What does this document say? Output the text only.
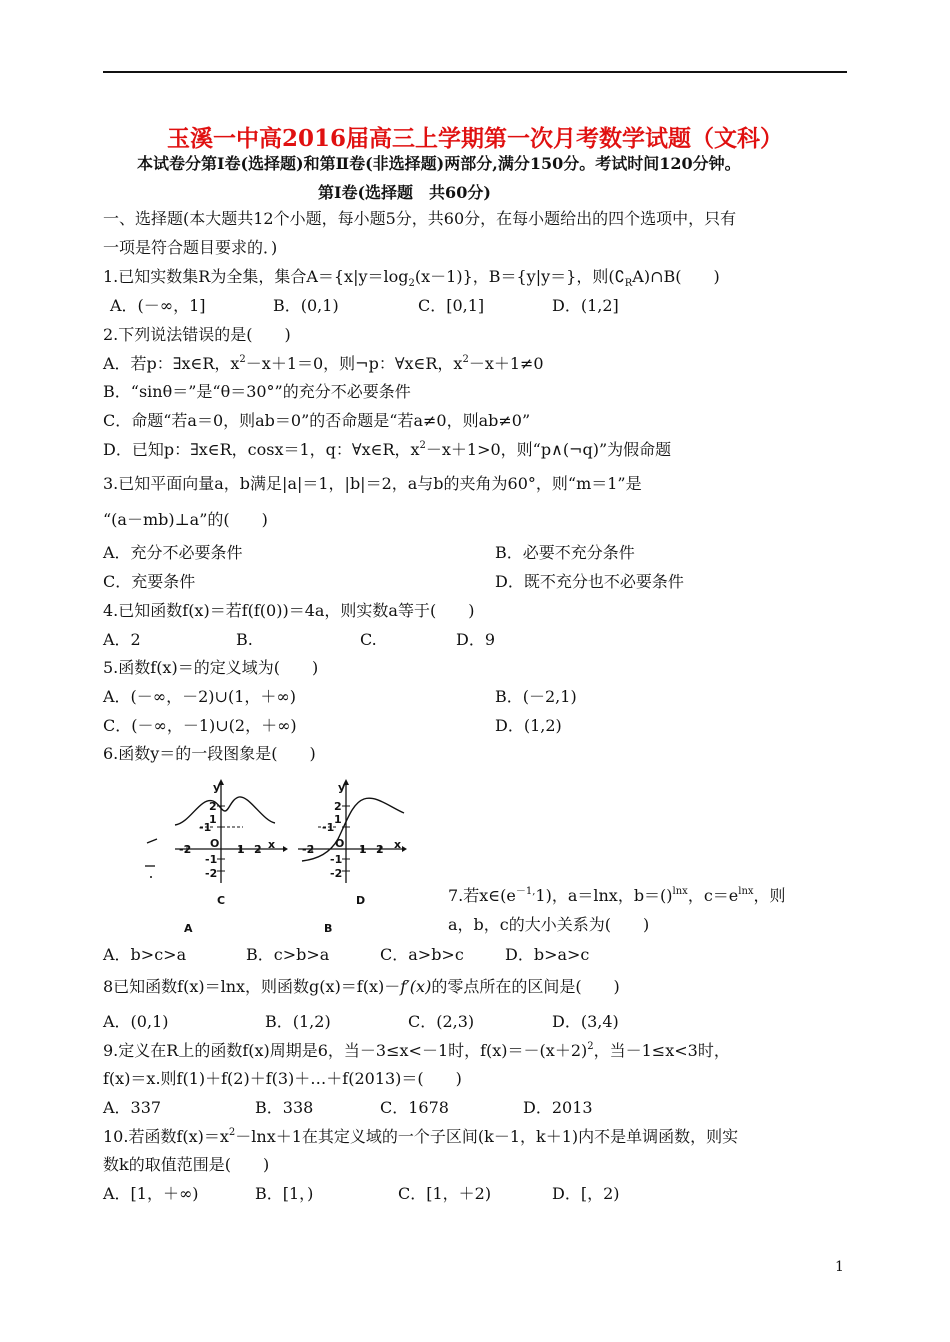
玉溪一中高2016届高三上学期第一次月考数学试题（文科）
本试卷分第Ⅰ卷(选择题)和第Ⅱ卷(非选择题)两部分,满分150分。考试时间120分钟。
第Ⅰ卷(选择题　共60分)
一、选择题(本大题共12个小题，每小题5分，共60分，在每小题给出的四个选项中，只有
一项是符合题目要求的．)
1.已知实数集R为全集，集合$A=\{x|y=\log_2(x-1)\}$，B＝{y|y＝}，则$(∁_RA)\cap B$(　　)
A．(－∞，1]	B．(0,1)	C．[0,1]	D．(1,2]
2.下列说法错误的是(　　)
A．若p：∃x∈R，$x^2-x+1=0$，则¬p：∀x∈R，$x^2-x+1\ne 0$
B．“sinθ＝”是“θ＝30°”的充分不必要条件
C．命题“若a＝0，则ab＝0”的否命题是“若a≠0，则ab≠0”
D．已知p：∃x∈R，cosx＝1，q：∀x∈R，$x^2-x+1>0$，则“p∧(¬q)”为假命题
3.已知平面向量a，b满足|a|＝1，|b|＝2，a与b的夹角为60°，则“m＝1”是
“(a－mb)⊥a”的(　　)
A．充分不必要条件	B．必要不充分条件
C．充要条件	D．既不充分也不必要条件
4.已知函数f(x)＝若f(f(0))＝4a，则实数a等于(　　)
A．2	B.	C.	D．9
5.函数f(x)＝的定义域为(　　)
A．(－∞，－2)∪(1，＋∞)	B．(－2,1)
C．(－∞，－1)∪(2，＋∞)	D．(1,2)
6.函数y＝的一段图象是(　　)
y
2
1
-1
O
-2	1 2 x
-1
-2
C
A
y
2
1
-1
O
-2	1 2 x
-1
-2
D
B
7.若$x\in(e^{-1,}1)$，a＝lnx，b＝()$^{lnx}$，$c=e^{lnx}$，则
a，b，c的大小关系为(　　)
A．b>c>a	B．c>b>a	C．a>b>c	D．b>a>c
8已知函数f(x)＝lnx，则函数g(x)＝f(x)－f′(x)的零点所在的区间是(　　)
A．(0,1)	B．(1,2)	C．(2,3)	D．(3,4)
9.定义在R上的函数f(x)周期是6，当－3≤x<－1时，$f(x)=-(x+2)^2$，当－1≤x<3时，
f(x)＝x.则f(1)＋f(2)＋f(3)＋…＋f(2013)＝(　　)
A．337	B．338	C．1678	D．2013
10.若函数$f(x)=x^2-\ln x+1$在其定义域的一个子区间(k－1，k＋1)内不是单调函数，则实
数k的取值范围是(　　)
A．[1，＋∞)	B．[1，)	C．[1，＋2)	D．[，2)
1
